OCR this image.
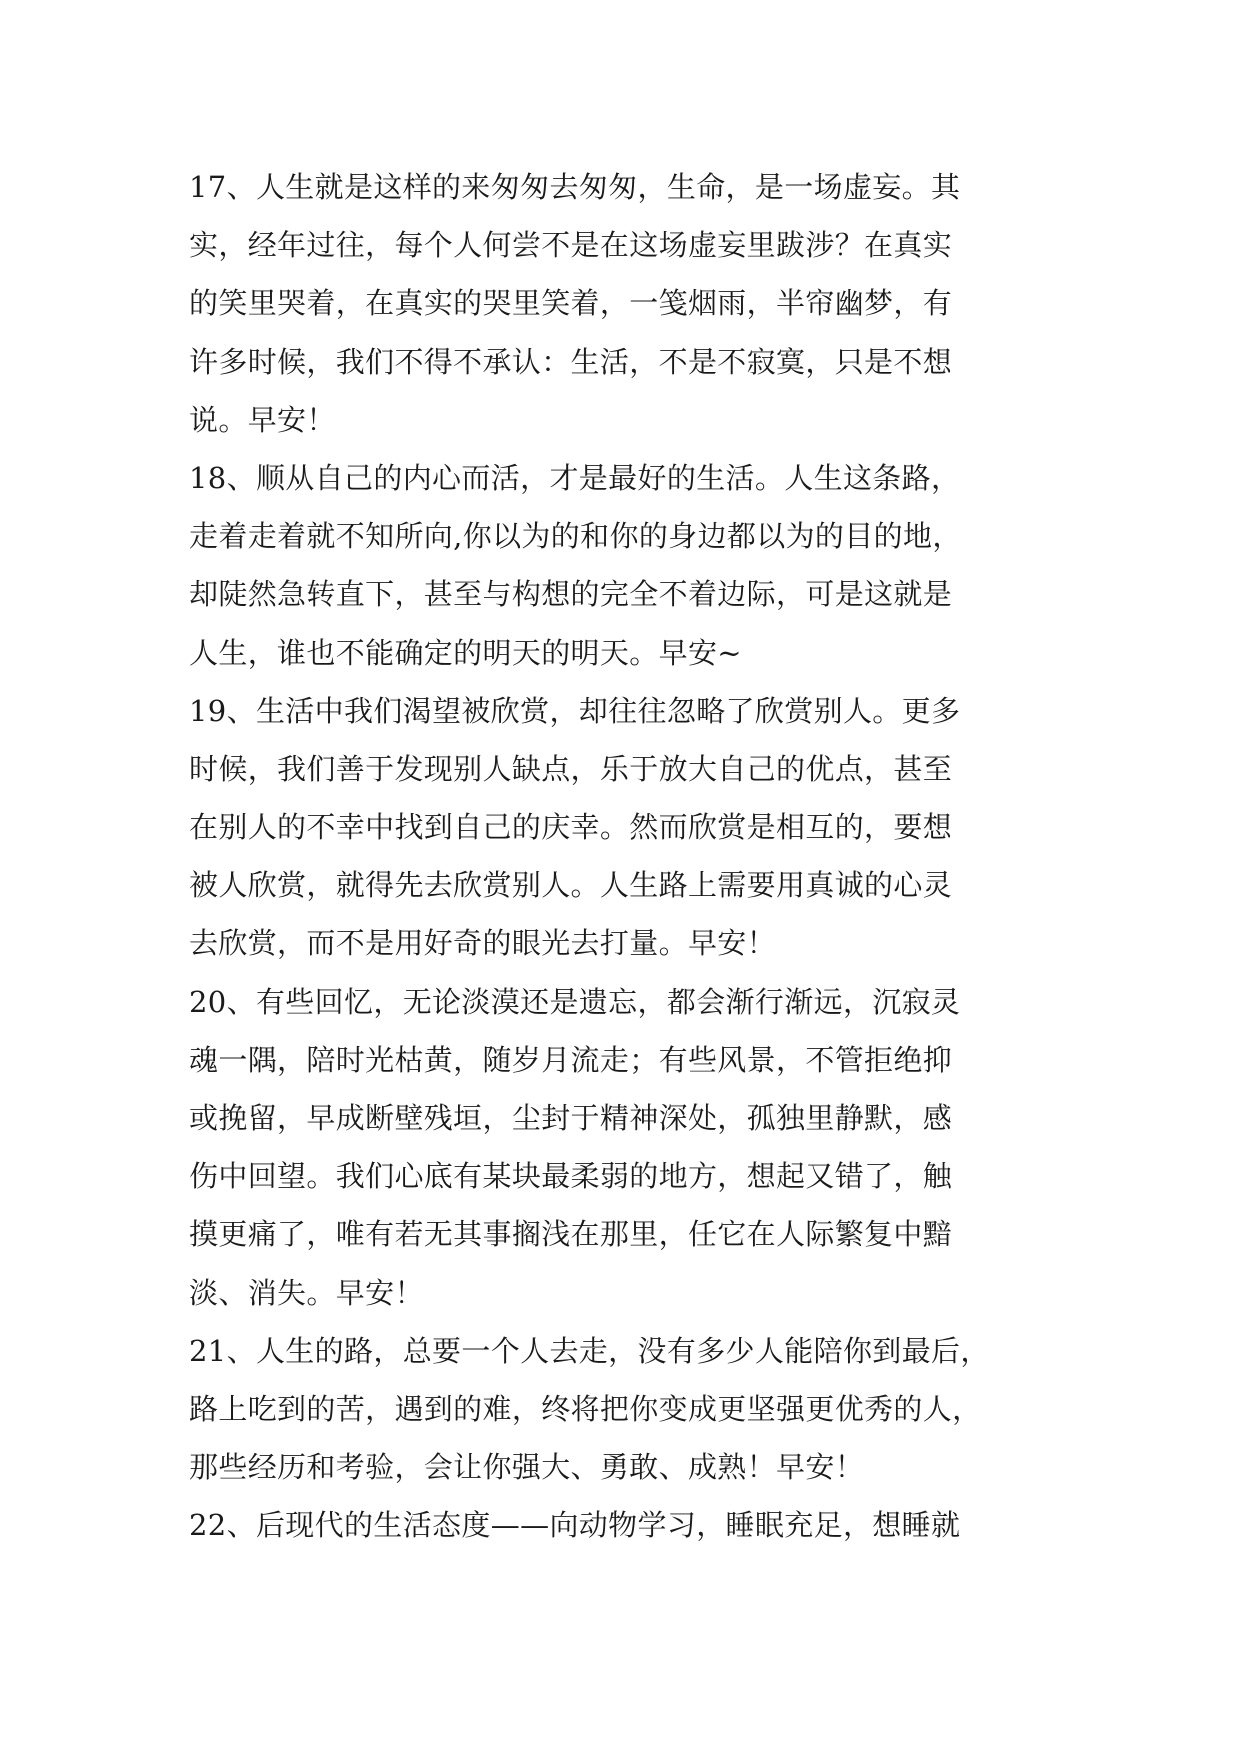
17、人生就是这样的来匆匆去匆匆，生命，是一场虚妄。其
实，经年过往，每个人何尝不是在这场虚妄里跋涉？在真实
的笑里哭着，在真实的哭里笑着，一笺烟雨，半帘幽梦，有
许多时候，我们不得不承认：生活，不是不寂寞，只是不想
说。早安！
18、顺从自己的内心而活，才是最好的生活。人生这条路，
走着走着就不知所向,你以为的和你的身边都以为的目的地，
却陡然急转直下，甚至与构想的完全不着边际，可是这就是
人生，谁也不能确定的明天的明天。早安~
19、生活中我们渴望被欣赏，却往往忽略了欣赏别人。更多
时候，我们善于发现别人缺点，乐于放大自己的优点，甚至
在别人的不幸中找到自己的庆幸。然而欣赏是相互的，要想
被人欣赏，就得先去欣赏别人。人生路上需要用真诚的心灵
去欣赏，而不是用好奇的眼光去打量。早安！
20、有些回忆，无论淡漠还是遗忘，都会渐行渐远，沉寂灵
魂一隅，陪时光枯黄，随岁月流走；有些风景，不管拒绝抑
或挽留，早成断壁残垣，尘封于精神深处，孤独里静默，感
伤中回望。我们心底有某块最柔弱的地方，想起又错了，触
摸更痛了，唯有若无其事搁浅在那里，任它在人际繁复中黯
淡、消失。早安！
21、人生的路，总要一个人去走，没有多少人能陪你到最后，
路上吃到的苦，遇到的难，终将把你变成更坚强更优秀的人，
那些经历和考验，会让你强大、勇敢、成熟！早安！
22、后现代的生活态度——向动物学习，睡眠充足，想睡就
